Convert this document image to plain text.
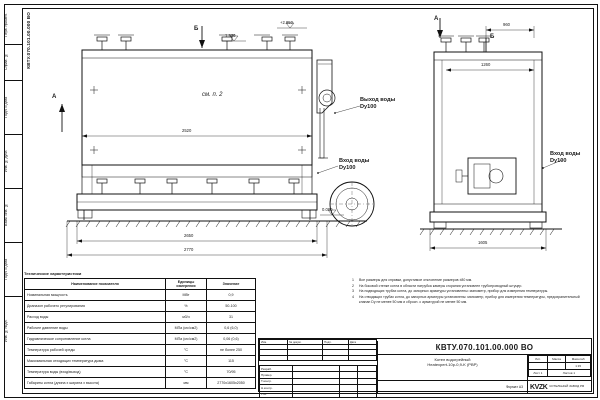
КВТУ.070.101.00.000 ВО
Перв. примен.
Справ. №
Подп. и дата
Инв. № дубл.
Взам. инв. №
Подп. и дата
Инв. № подл.
Б
А
А
Б
см. п. 2
Выход воды
Dy100
Вход воды
Dy100
Вход воды
Dy100
2520
2650
2770
1260
960
1605
+2.850
1.930
0.000
Технические характеристики
Наименование показателя	Единицы измерения	Значение
Номинальная мощность	МВт	0,9
Диапазон рабочего регулирования	%	50-100
Расход воды	м3/ч	31
Рабочее давление воды	МПа (кгс/см2)	0,6 (6,0)
Гидравлическое сопротивление котла	МПа (кгс/см2)	0,06 (0,6)
Температура рабочей среды	°С	не более 250
Максимальная отходящих температура дыма	°С	115
Температура воды (вход/выход)	°С	70/95
Габариты котла (длина х ширина х высота)	мм	2770х1605х2050
1	Все размеры для справки, допустимое отклонение размеров ±80 мм.
2	На боковой стенке котла в области патрубка камеры сгорания установлен трубопроводный штуцер.
3	На подводящих трубах котла, до запорных арматуры установлены: манометр, прибор для измерения температуры.
4	На отводящих трубах котла, до запорных арматуры установлены: манометр, прибор для измерения температуры, предохранительный клапан Dy не менее 50 мм и сбросн. с арматурой не менее 50 мм.
КВТУ.070.101.00.000 ВО
Изм.	№ докум.	Подп.	Дата

Разраб.			
Провер.			
Т.контр.			
Н.контр.			
Утв.			
Котел водогрейный
Heatexpert-10p-0,9-K (РВР)
Лит.	Масса	Масштаб
		1:15
Лист 1	Листов 1	
KVZK КОТЕЛЬНЫЙ ЗАВОД РФ
Формат А3
